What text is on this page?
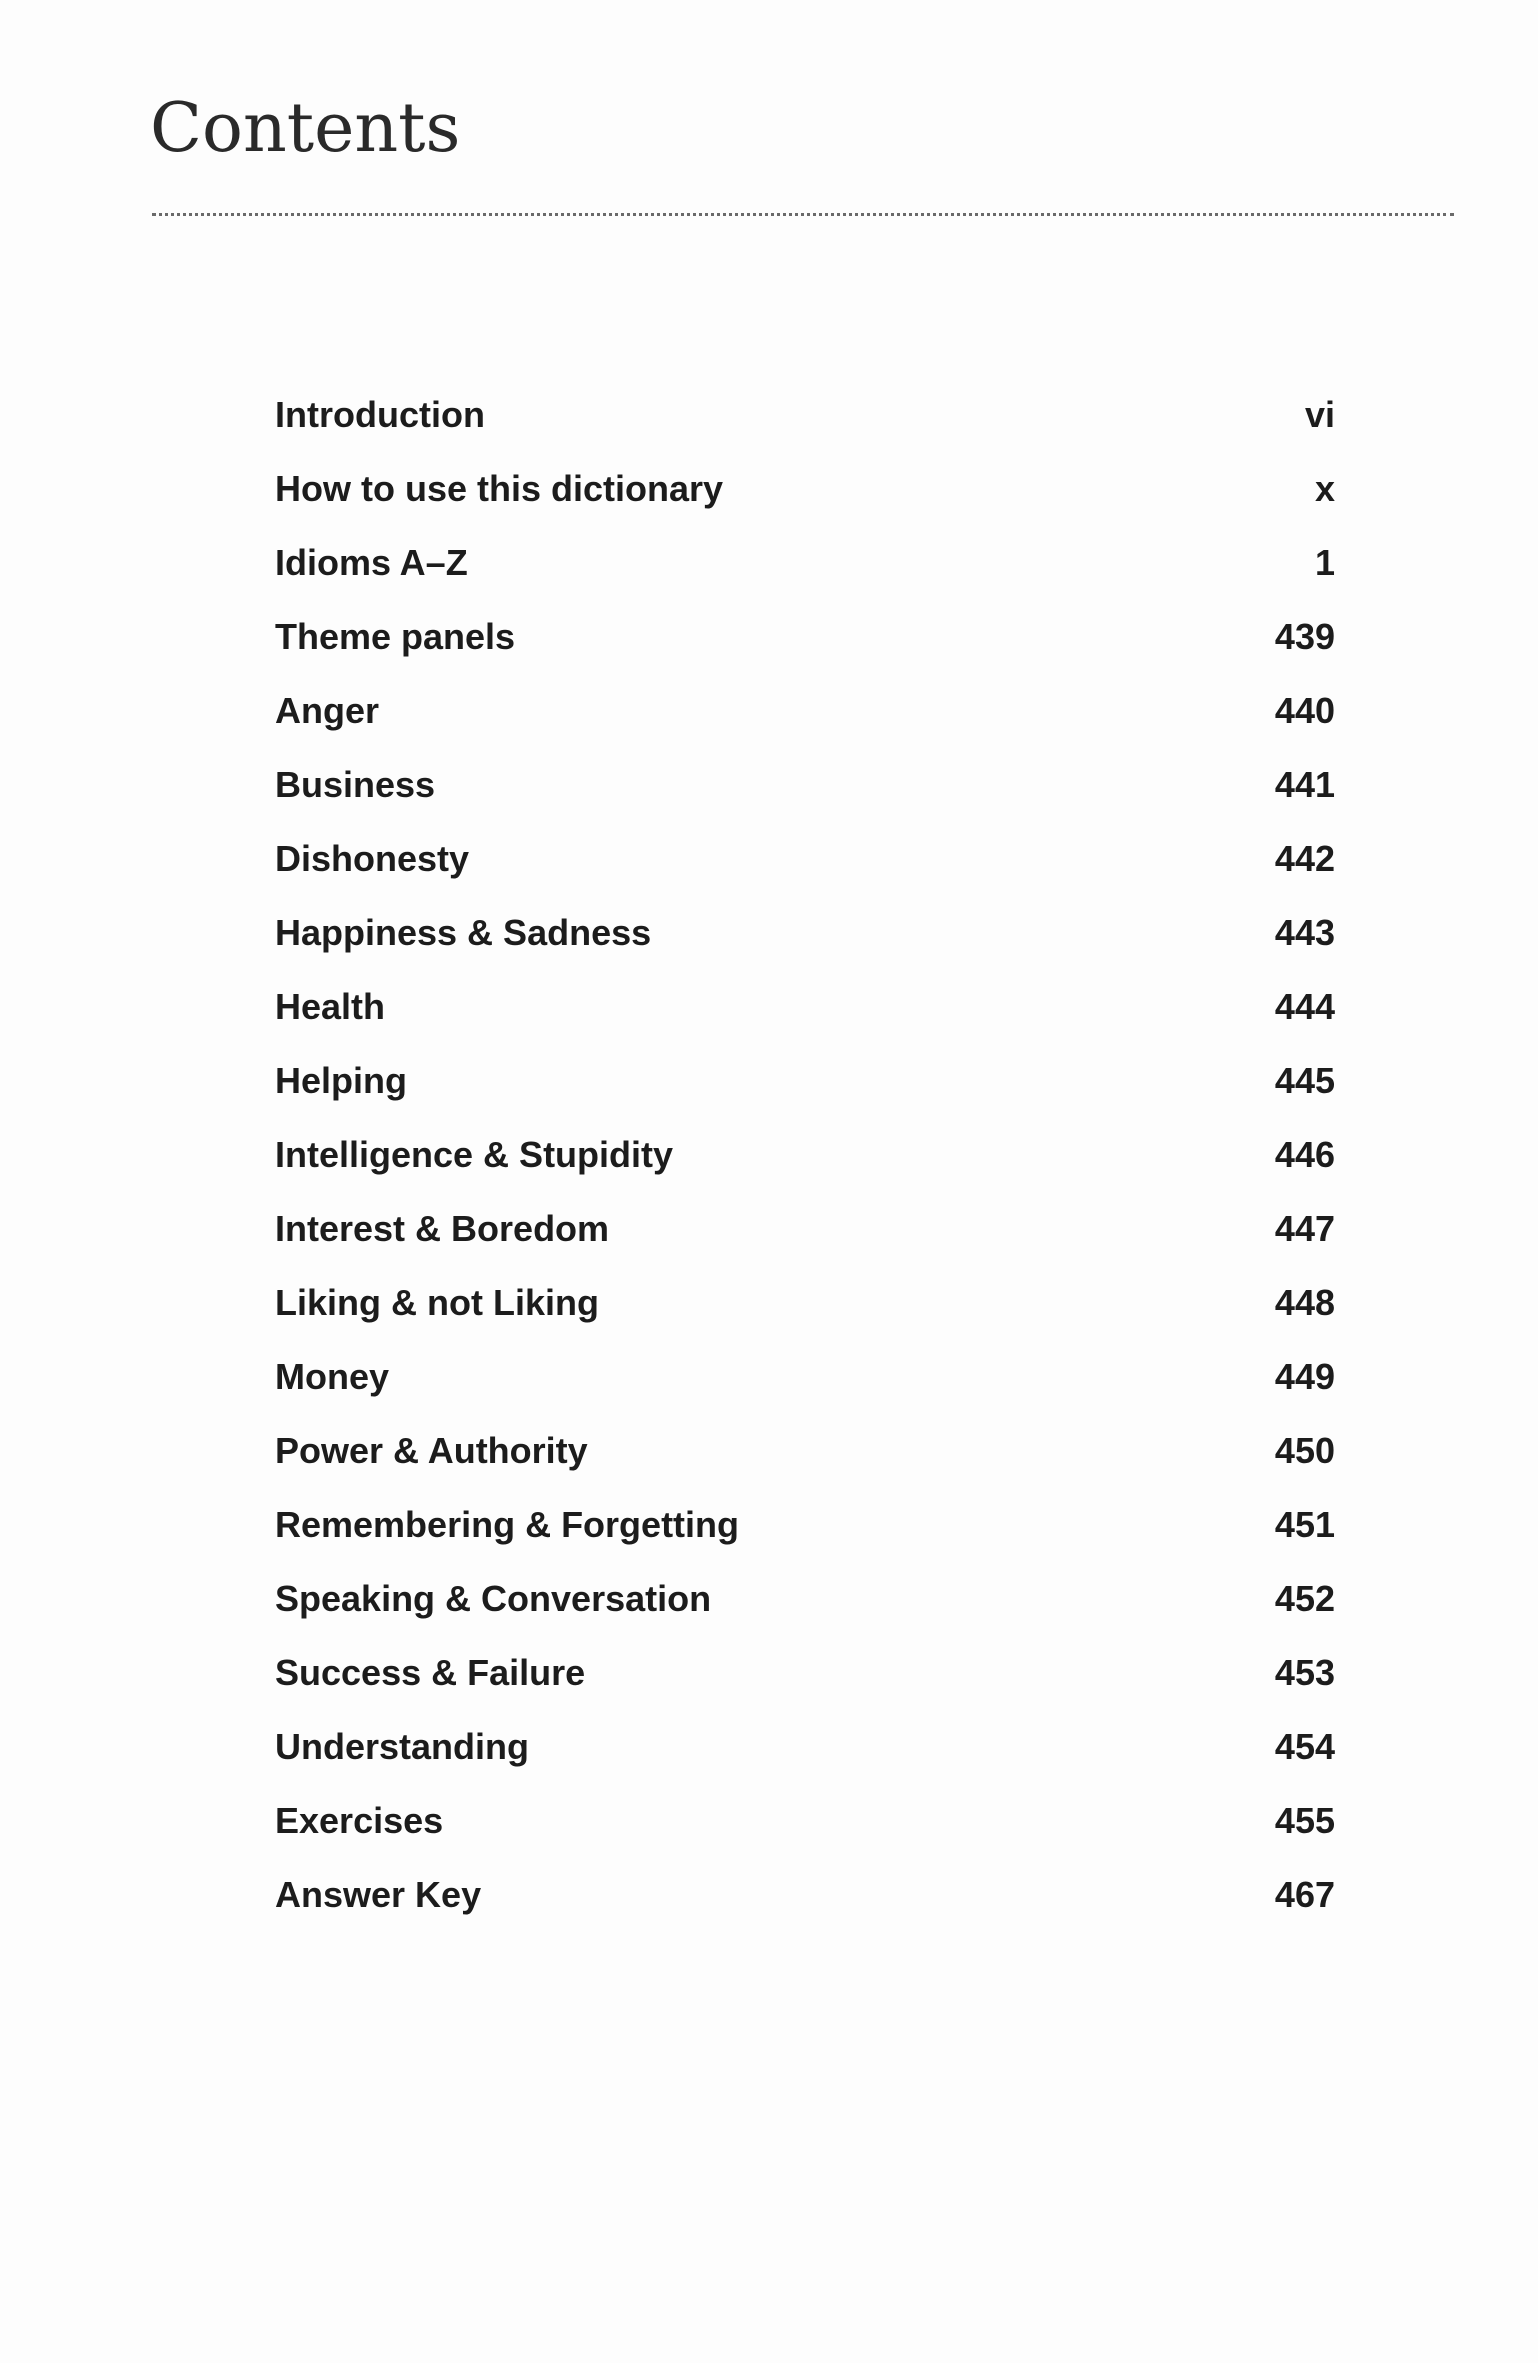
Contents
Introduction	vi
How to use this dictionary	x
Idioms A–Z	1
Theme panels	439
Anger	440
Business	441
Dishonesty	442
Happiness & Sadness	443
Health	444
Helping	445
Intelligence & Stupidity	446
Interest & Boredom	447
Liking & not Liking	448
Money	449
Power & Authority	450
Remembering & Forgetting	451
Speaking & Conversation	452
Success & Failure	453
Understanding	454
Exercises	455
Answer Key	467
